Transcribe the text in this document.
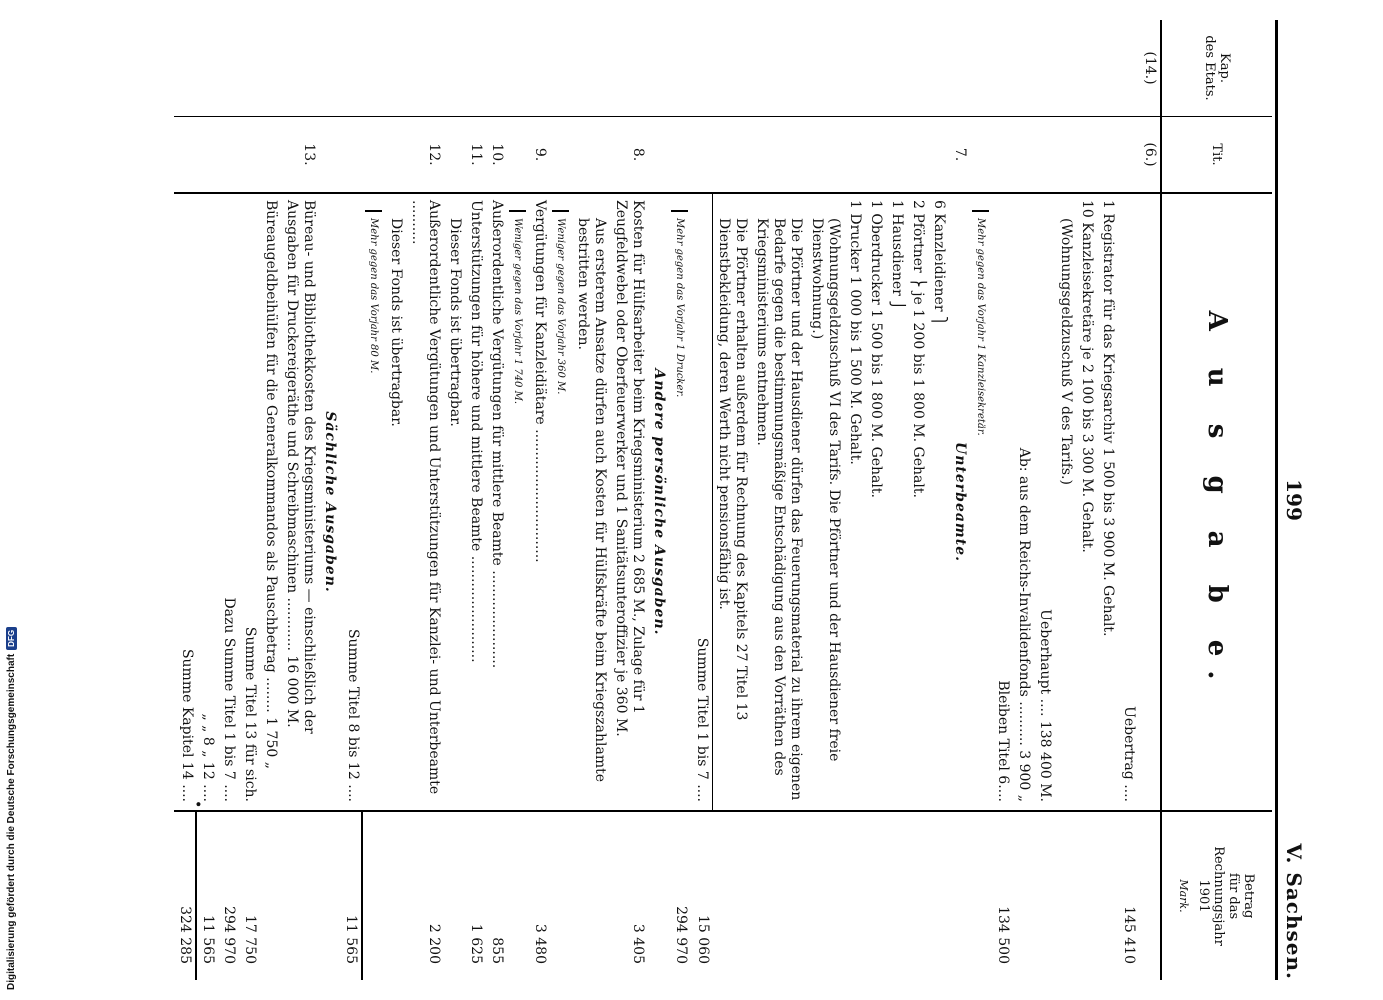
Digitalisierung gefördert durch die Deutsche Forschungsgemeinschaft
DFG
199
V. Sachsen.
Kap.
des Etats.
Tit.
A u s g a b e.
Betrag
für das
Rechnungsjahr
1901
Mark.
(14.)
(6.)
Uebertrag ....
145 410
1 Registrator für das Kriegsarchiv 1 500 bis 3 900 M. Gehalt.
10 Kanzleisekretäre je 2 100 bis 3 300 M. Gehalt.
(Wohnungsgeldzuschuß V des Tarifs.)
Ueberhaupt .... 138 400 M.
Ab: aus dem Reichs-Invalidenfonds .......... 3 900 „
Bleiben Titel 6....
134 500
Mehr gegen das Vorjahr 1 Kanzleisekretär.
7.
Unterbeamte.
6 Kanzleidiener ⎫
2 Pförtner ⎬ je 1 200 bis 1 800 M. Gehalt.
1 Hausdiener ⎭
1 Oberdrucker 1 500 bis 1 800 M. Gehalt.
1 Drucker 1 000 bis 1 500 M. Gehalt.
(Wohnungsgeldzuschuß VI des Tarifs. Die Pförtner und der Hausdiener freie Dienstwohnung.)
Die Pförtner und der Hausdiener dürfen das Feuerungsmaterial zu ihrem eigenen Bedarfe gegen die bestimmungsmäßige Entschädigung aus den Vorräthen des Kriegsministeriums entnehmen.
Die Pförtner erhalten außerdem für Rechnung des Kapitels 27 Titel 13 Dienstbekleidung, deren Werth nicht pensionsfähig ist.
Summe Titel 1 bis 7 ....
15 060
Mehr gegen das Vorjahr 1 Drucker.
294 970
Andere persönliche Ausgaben.
8.
Kosten für Hülfsarbeiter beim Kriegsministerium 2 685 M., Zulage für 1 Zeugfeldwebel oder Oberfeuerwerker und 1 Sanitätsunteroffizier je 360 M.
3 405
Aus ersterem Ansatze dürfen auch Kosten für Hülfskräfte beim Kriegszahlamte bestritten werden.
Weniger gegen das Vorjahr 360 M.
9.
Vergütungen für Kanzleidiätare ..............................
3 480
Weniger gegen das Vorjahr 1 740 M.
10.
Außerordentliche Vergütungen für mittlere Beamte ......................
855
11.
Unterstützungen für höhere und mittlere Beamte ........................
1 625
Dieser Fonds ist übertragbar.
12.
Außerordentliche Vergütungen und Unterstützungen für Kanzlei- und Unterbeamte ..........
2 200
Dieser Fonds ist übertragbar.
Mehr gegen das Vorjahr 80 M.
Summe Titel 8 bis 12 ....
11 565
Sächliche Ausgaben.
13.
Büreau- und Bibliothekkosten des Kriegsministeriums — einschließlich der Ausgaben für Druckereigeräthe und Schreibmaschinen ............ 16 000 M.
Büreaugeldbeihülfen für die Generalkommandos als Pauschbetrag ........ 1 750 „
Summe Titel 13 für sich.
17 750
Dazu Summe Titel 1 bis 7 ....
294 970
„ „ 8 „ 12 ....
11 565
Summe Kapitel 14 ....
324 285
•
